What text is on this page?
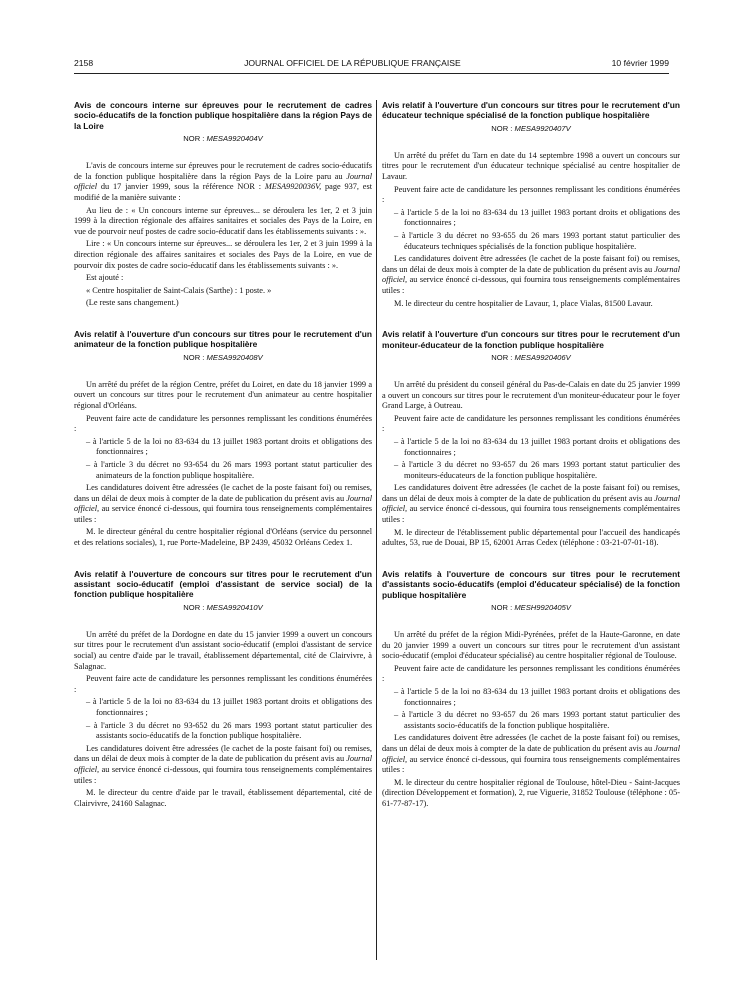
2158	JOURNAL OFFICIEL DE LA RÉPUBLIQUE FRANÇAISE	10 février 1999
Avis de concours interne sur épreuves pour le recrutement de cadres socio-éducatifs de la fonction publique hospitalière dans la région Pays de la Loire
NOR : MESA9920404V
L'avis de concours interne sur épreuves pour le recrutement de cadres socio-éducatifs de la fonction publique hospitalière dans la région Pays de la Loire paru au Journal officiel du 17 janvier 1999, sous la référence NOR : MESA9920036V, page 937, est modifié de la manière suivante :
Au lieu de : « Un concours interne sur épreuves... se déroulera les 1er, 2 et 3 juin 1999 à la direction régionale des affaires sanitaires et sociales des Pays de la Loire, en vue de pourvoir neuf postes de cadre socio-éducatif dans les établissements suivants : ».
Lire : « Un concours interne sur épreuves... se déroulera les 1er, 2 et 3 juin 1999 à la direction régionale des affaires sanitaires et sociales des Pays de la Loire, en vue de pourvoir dix postes de cadre socio-éducatif dans les établissements suivants : ».
Est ajouté :
« Centre hospitalier de Saint-Calais (Sarthe) : 1 poste. »
(Le reste sans changement.)
Avis relatif à l'ouverture d'un concours sur titres pour le recrutement d'un animateur de la fonction publique hospitalière
NOR : MESA9920408V
Un arrêté du préfet de la région Centre, préfet du Loiret, en date du 18 janvier 1999 a ouvert un concours sur titres pour le recrutement d'un animateur au centre hospitalier régional d'Orléans.
Peuvent faire acte de candidature les personnes remplissant les conditions énumérées :
– à l'article 5 de la loi no 83-634 du 13 juillet 1983 portant droits et obligations des fonctionnaires ;
– à l'article 3 du décret no 93-654 du 26 mars 1993 portant statut particulier des animateurs de la fonction publique hospitalière.
Les candidatures doivent être adressées (le cachet de la poste faisant foi) ou remises, dans un délai de deux mois à compter de la date de publication du présent avis au Journal officiel, au service énoncé ci-dessous, qui fournira tous renseignements complémentaires utiles :
M. le directeur général du centre hospitalier régional d'Orléans (service du personnel et des relations sociales), 1, rue Porte-Madeleine, BP 2439, 45032 Orléans Cedex 1.
Avis relatif à l'ouverture de concours sur titres pour le recrutement d'un assistant socio-éducatif (emploi d'assistant de service social) de la fonction publique hospitalière
NOR : MESA9920410V
Un arrêté du préfet de la Dordogne en date du 15 janvier 1999 a ouvert un concours sur titres pour le recrutement d'un assistant socio-éducatif (emploi d'assistant de service social) au centre d'aide par le travail, établissement départemental, cité de Clairvivre, à Salagnac.
Peuvent faire acte de candidature les personnes remplissant les conditions énumérées :
– à l'article 5 de la loi no 83-634 du 13 juillet 1983 portant droits et obligations des fonctionnaires ;
– à l'article 3 du décret no 93-652 du 26 mars 1993 portant statut particulier des assistants socio-éducatifs de la fonction publique hospitalière.
Les candidatures doivent être adressées (le cachet de la poste faisant foi) ou remises, dans un délai de deux mois à compter de la date de publication du présent avis au Journal officiel, au service énoncé ci-dessous, qui fournira tous renseignements complémentaires utiles :
M. le directeur du centre d'aide par le travail, établissement départemental, cité de Clairvivre, 24160 Salagnac.
Avis relatif à l'ouverture d'un concours sur titres pour le recrutement d'un éducateur technique spécialisé de la fonction publique hospitalière
NOR : MESA9920407V
Un arrêté du préfet du Tarn en date du 14 septembre 1998 a ouvert un concours sur titres pour le recrutement d'un éducateur technique spécialisé au centre hospitalier de Lavaur.
Peuvent faire acte de candidature les personnes remplissant les conditions énumérées :
– à l'article 5 de la loi no 83-634 du 13 juillet 1983 portant droits et obligations des fonctionnaires ;
– à l'article 3 du décret no 93-655 du 26 mars 1993 portant statut particulier des éducateurs techniques spécialisés de la fonction publique hospitalière.
Les candidatures doivent être adressées (le cachet de la poste faisant foi) ou remises, dans un délai de deux mois à compter de la date de publication du présent avis au Journal officiel, au service énoncé ci-dessous, qui fournira tous renseignements complémentaires utiles :
M. le directeur du centre hospitalier de Lavaur, 1, place Vialas, 81500 Lavaur.
Avis relatif à l'ouverture d'un concours sur titres pour le recrutement d'un moniteur-éducateur de la fonction publique hospitalière
NOR : MESA9920406V
Un arrêté du président du conseil général du Pas-de-Calais en date du 25 janvier 1999 a ouvert un concours sur titres pour le recrutement d'un moniteur-éducateur pour le foyer Grand Large, à Outreau.
Peuvent faire acte de candidature les personnes remplissant les conditions énumérées :
– à l'article 5 de la loi no 83-634 du 13 juillet 1983 portant droits et obligations des fonctionnaires ;
– à l'article 3 du décret no 93-657 du 26 mars 1993 portant statut particulier des moniteurs-éducateurs de la fonction publique hospitalière.
Les candidatures doivent être adressées (le cachet de la poste faisant foi) ou remises, dans un délai de deux mois à compter de la date de publication du présent avis au Journal officiel, au service énoncé ci-dessous, qui fournira tous renseignements complémentaires utiles :
M. le directeur de l'établissement public départemental pour l'accueil des handicapés adultes, 53, rue de Douai, BP 15, 62001 Arras Cedex (téléphone : 03-21-07-01-18).
Avis relatifs à l'ouverture de concours sur titres pour le recrutement d'assistants socio-éducatifs (emploi d'éducateur spécialisé) de la fonction publique hospitalière
NOR : MESH9920405V
Un arrêté du préfet de la région Midi-Pyrénées, préfet de la Haute-Garonne, en date du 20 janvier 1999 a ouvert un concours sur titres pour le recrutement d'un assistant socio-éducatif (emploi d'éducateur spécialisé) au centre hospitalier régional de Toulouse.
Peuvent faire acte de candidature les personnes remplissant les conditions énumérées :
– à l'article 5 de la loi no 83-634 du 13 juillet 1983 portant droits et obligations des fonctionnaires ;
– à l'article 3 du décret no 93-657 du 26 mars 1993 portant statut particulier des assistants socio-éducatifs de la fonction publique hospitalière.
Les candidatures doivent être adressées (le cachet de la poste faisant foi) ou remises, dans un délai de deux mois à compter de la date de publication du présent avis au Journal officiel, au service énoncé ci-dessous, qui fournira tous renseignements complémentaires utiles :
M. le directeur du centre hospitalier régional de Toulouse, hôtel-Dieu - Saint-Jacques (direction Développement et formation), 2, rue Viguerie, 31852 Toulouse (téléphone : 05-61-77-87-17).
